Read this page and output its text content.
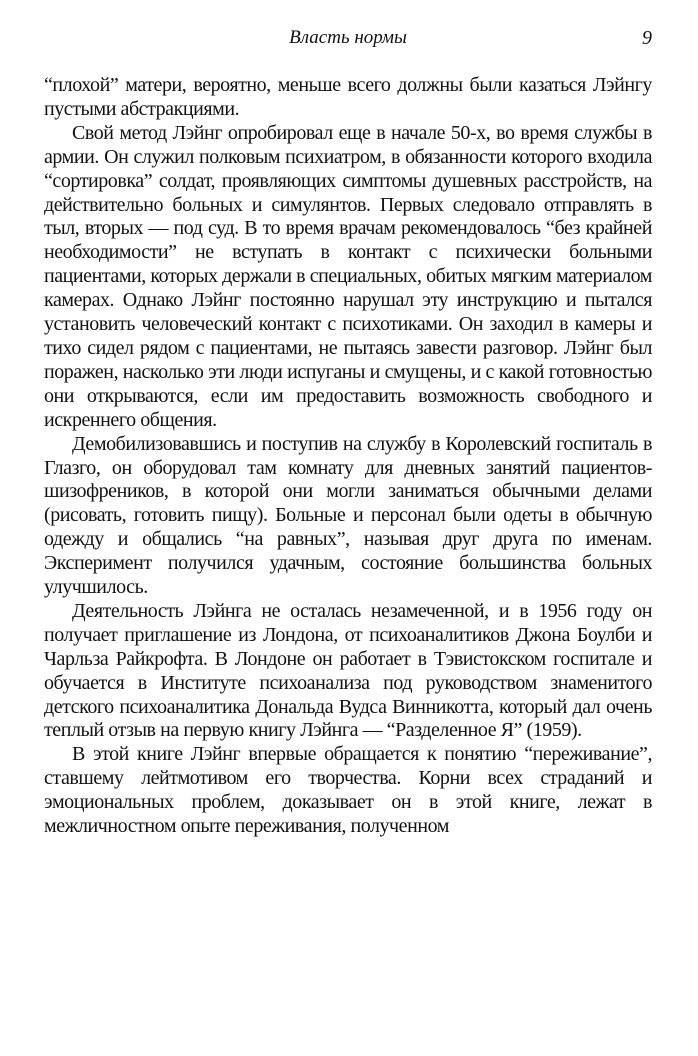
Власть нормы	9

“плохой” матери, вероятно, меньше всего должны были казаться Лэйнгу пустыми абстракциями.

Свой метод Лэйнг опробировал еще в начале 50-х, во время службы в армии. Он служил полковым психиатром, в обязанности которого входила “сортировка” солдат, проявляющих симптомы душевных расстройств, на действительно больных и симулянтов. Первых следовало отправлять в тыл, вторых — под суд. В то время врачам рекомендовалось “без крайней необходимости” не вступать в контакт с психически больными пациентами, которых держали в специальных, обитых мягким материалом камерах. Однако Лэйнг постоянно нарушал эту инструкцию и пытался установить человеческий контакт с психотиками. Он заходил в камеры и тихо сидел рядом с пациентами, не пытаясь завести разговор. Лэйнг был поражен, насколько эти люди испуганы и смущены, и с какой готовностью они открываются, если им предоставить возможность свободного и искреннего общения.

Демобилизовавшись и поступив на службу в Королевский госпиталь в Глазго, он оборудовал там комнату для дневных занятий пациентов-шизофреников, в которой они могли заниматься обычными делами (рисовать, готовить пищу). Больные и персонал были одеты в обычную одежду и общались “на равных”, называя друг друга по именам. Эксперимент получился удачным, состояние большинства больных улучшилось.

Деятельность Лэйнга не осталась незамеченной, и в 1956 году он получает приглашение из Лондона, от психоаналитиков Джона Боулби и Чарльза Райкрофта. В Лондоне он работает в Тэвистокском госпитале и обучается в Институте психоанализа под руководством знаменитого детского психоаналитика Дональда Вудса Винникотта, который дал очень теплый отзыв на первую книгу Лэйнга — “Разделенное Я” (1959).

В этой книге Лэйнг впервые обращается к понятию “переживание”, ставшему лейтмотивом его творчества. Корни всех страданий и эмоциональных проблем, доказывает он в этой книге, лежат в межличностном опыте переживания, полученном
